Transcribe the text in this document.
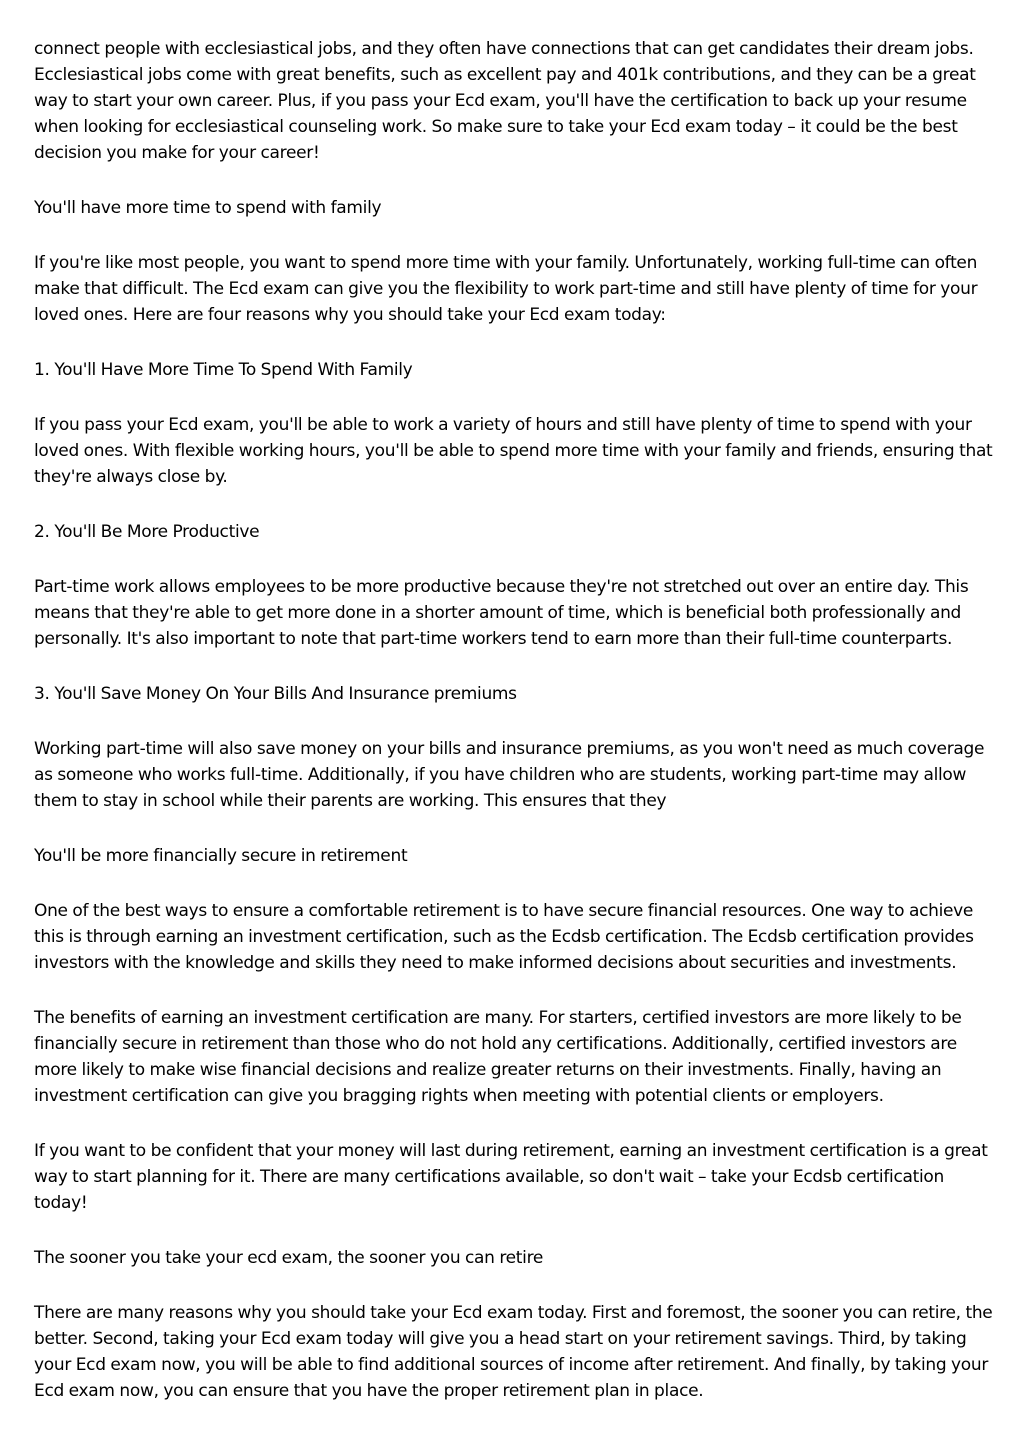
connect people with ecclesiastical jobs, and they often have connections that can get candidates their dream jobs. Ecclesiastical jobs come with great benefits, such as excellent pay and 401k contributions, and they can be a great way to start your own career. Plus, if you pass your Ecd exam, you'll have the certification to back up your resume when looking for ecclesiastical counseling work. So make sure to take your Ecd exam today – it could be the best decision you make for your career!

You'll have more time to spend with family

If you're like most people, you want to spend more time with your family. Unfortunately, working full-time can often make that difficult. The Ecd exam can give you the flexibility to work part-time and still have plenty of time for your loved ones. Here are four reasons why you should take your Ecd exam today:

1. You'll Have More Time To Spend With Family

If you pass your Ecd exam, you'll be able to work a variety of hours and still have plenty of time to spend with your loved ones. With flexible working hours, you'll be able to spend more time with your family and friends, ensuring that they're always close by.

2. You'll Be More Productive

Part-time work allows employees to be more productive because they're not stretched out over an entire day. This means that they're able to get more done in a shorter amount of time, which is beneficial both professionally and personally. It's also important to note that part-time workers tend to earn more than their full-time counterparts.

3. You'll Save Money On Your Bills And Insurance premiums

Working part-time will also save money on your bills and insurance premiums, as you won't need as much coverage as someone who works full-time. Additionally, if you have children who are students, working part-time may allow them to stay in school while their parents are working. This ensures that they

You'll be more financially secure in retirement

One of the best ways to ensure a comfortable retirement is to have secure financial resources. One way to achieve this is through earning an investment certification, such as the Ecdsb certification. The Ecdsb certification provides investors with the knowledge and skills they need to make informed decisions about securities and investments.

The benefits of earning an investment certification are many. For starters, certified investors are more likely to be financially secure in retirement than those who do not hold any certifications. Additionally, certified investors are more likely to make wise financial decisions and realize greater returns on their investments. Finally, having an investment certification can give you bragging rights when meeting with potential clients or employers.

If you want to be confident that your money will last during retirement, earning an investment certification is a great way to start planning for it. There are many certifications available, so don't wait – take your Ecdsb certification today!

The sooner you take your ecd exam, the sooner you can retire

There are many reasons why you should take your Ecd exam today. First and foremost, the sooner you can retire, the better. Second, taking your Ecd exam today will give you a head start on your retirement savings. Third, by taking your Ecd exam now, you will be able to find additional sources of income after retirement. And finally, by taking your Ecd exam now, you can ensure that you have the proper retirement plan in place.
